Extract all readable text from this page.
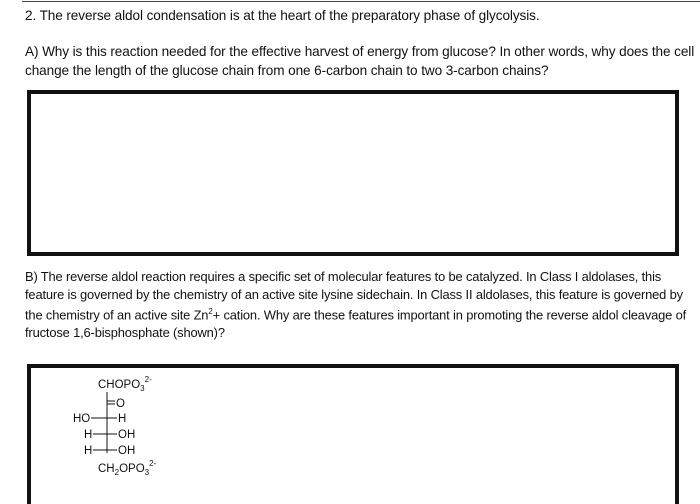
2. The reverse aldol condensation is at the heart of the preparatory phase of glycolysis.
A) Why is this reaction needed for the effective harvest of energy from glucose? In other words, why does the cell change the length of the glucose chain from one 6-carbon chain to two 3-carbon chains?
B) The reverse aldol reaction requires a specific set of molecular features to be catalyzed. In Class I aldolases, this feature is governed by the chemistry of an active site lysine sidechain. In Class II aldolases, this feature is governed by the chemistry of an active site $Zn^2+$ cation. Why are these features important in promoting the reverse aldol cleavage of fructose 1,6-bisphosphate (shown)?
$CHOPO_3^{2-}$
O
HO H
H OH
H OH
$CH_2OPO_3^{2-}$
